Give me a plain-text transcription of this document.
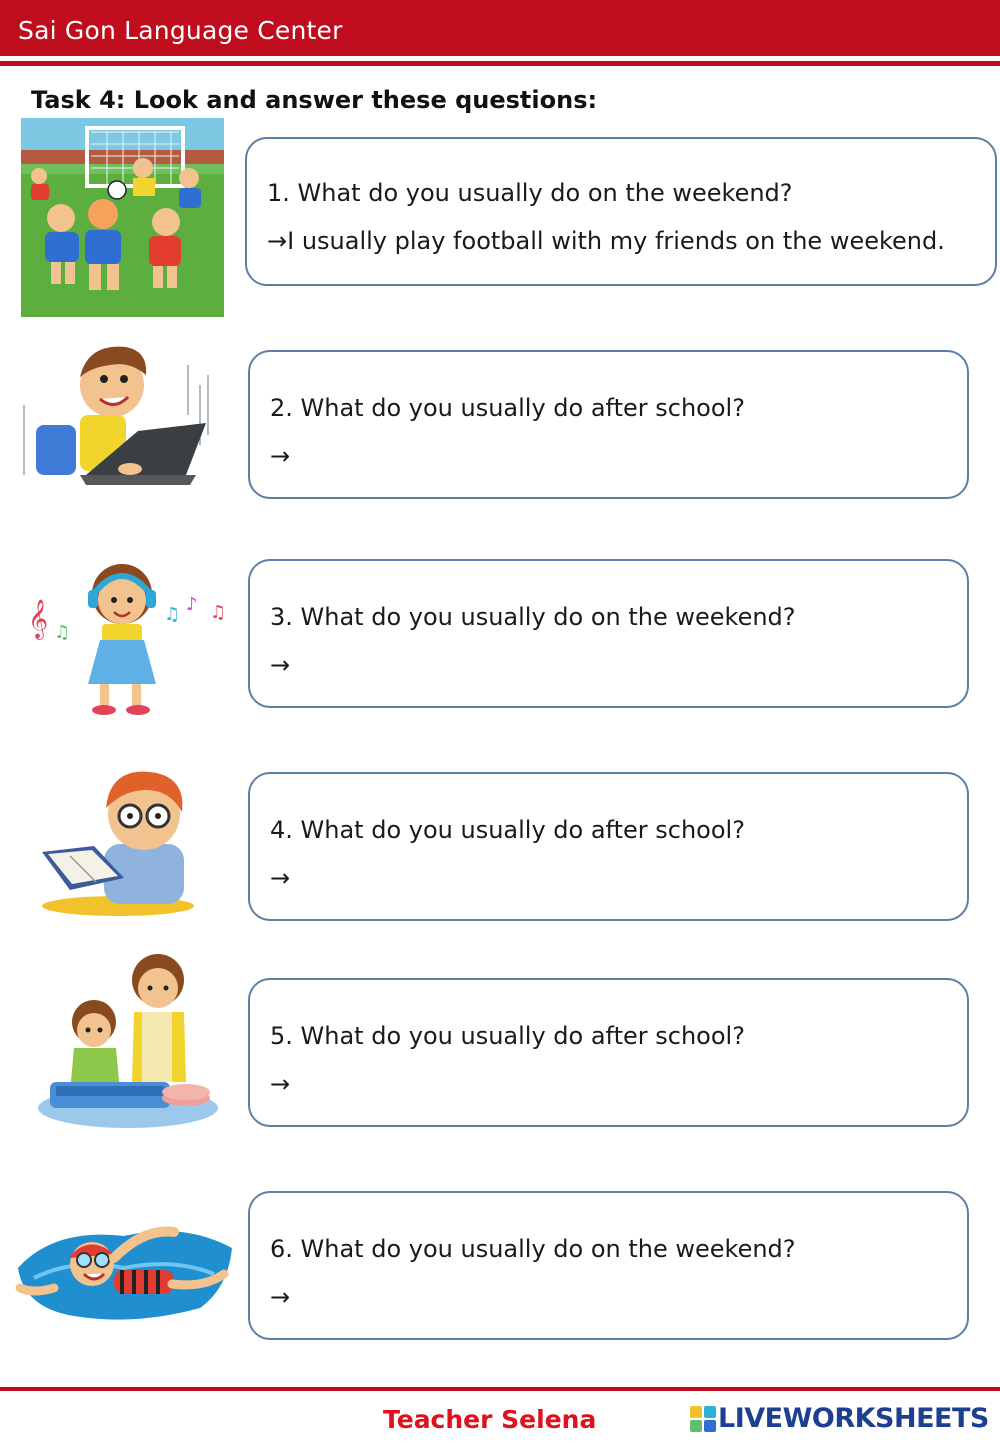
Sai Gon Language Center
Task 4: Look and answer these questions:
1. What do you usually do on the weekend?
→I usually play football with my friends on the weekend.
2. What do you usually do after school?
→
𝄞 ♫
♫ ♪ ♫ 3. What do you usually do on the weekend?
→
4. What do you usually do after school?
→
5. What do you usually do after school?
→
6. What do you usually do on the weekend?
→
Teacher Selena	LIVEWORKSHEETS
